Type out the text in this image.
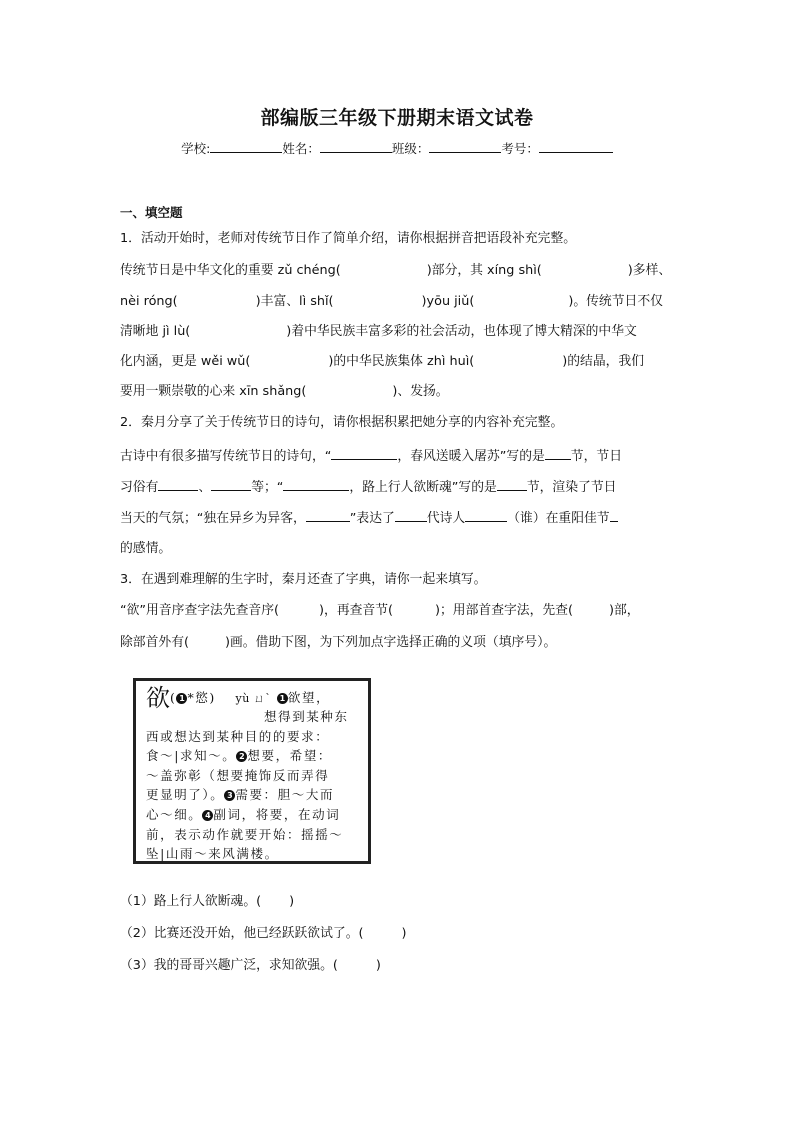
部编版三年级下册期末语文试卷
学校:	姓名：	班级：	考号：
一、填空题
1．活动开始时，老师对传统节日作了简单介绍，请你根据拼音把语段补充完整。
传统节日是中华文化的重要 zǔ chéng(	)部分，其 xíng shì(	)多样、
nèi róng(	)丰富、lì shǐ(	)yōu jiǔ(	)。传统节日不仅
清晰地 jì lù(	)着中华民族丰富多彩的社会活动，也体现了博大精深的中华文
化内涵，更是 wěi wǔ(	)的中华民族集体 zhì huì(	)的结晶，我们
要用一颗崇敬的心来 xīn shǎng(	)、发扬。
2．秦月分享了关于传统节日的诗句，请你根据积累把她分享的内容补充完整。
古诗中有很多描写传统节日的诗句，“	，春风送暖入屠苏”写的是 节，节日
习俗有	、	等；“	，路上行人欲断魂”写的是 节，渲染了节日
当天的气氛；“独在异乡为异客，	”表达了	代诗人	（谁）在重阳佳节
的感情。
3．在遇到难理解的生字时，秦月还查了字典，请你一起来填写。
“欲”用音序查字法先查音序(	)，再查音节(	)；用部首查字法，先查(	)部，
除部首外有(	)画。借助下图，为下列加点字选择正确的义项（填序号）。
欲( 1 *慾) yù ㄩˋ 1 欲望，
想得到某种东
西或想达到某种目的的要求：
食～|求知～。 2 想要，希望：
～盖弥彰（想要掩饰反而弄得
更显明了）。 3 需要：胆～大而
心～细。 4 副词，将要，在动词
前，表示动作就要开始：摇摇～
坠|山雨～来风满楼。
（1）路上行人欲断魂。( )
（2）比赛还没开始，他已经跃跃欲试了。(	)
（3）我的哥哥兴趣广泛，求知欲强。(	)
